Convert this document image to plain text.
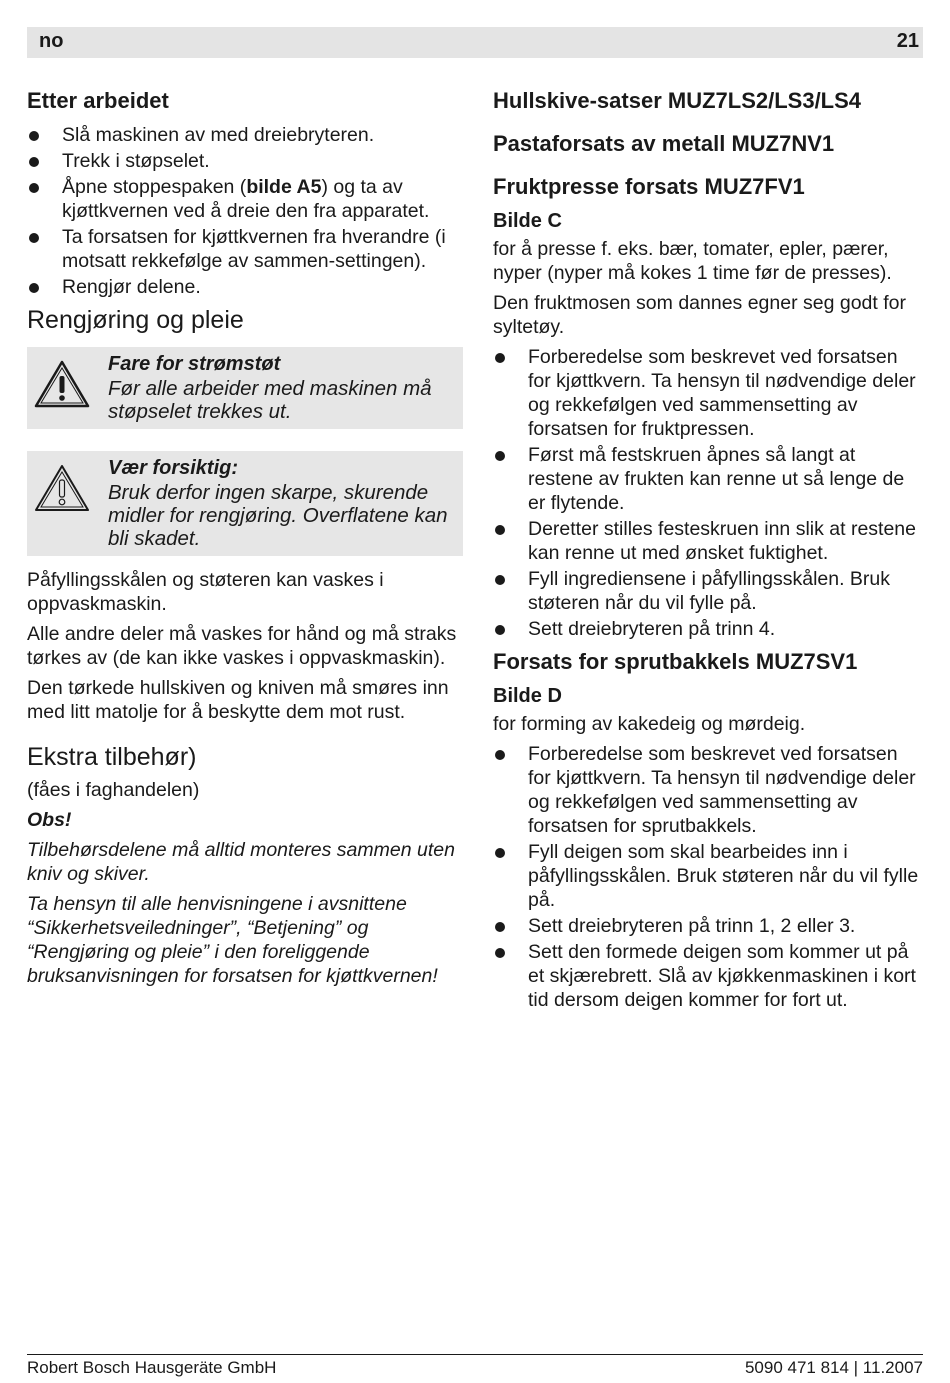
no	21
Etter arbeidet
Slå maskinen av med dreiebryteren.
Trekk i støpselet.
Åpne stoppespaken (bilde A5) og ta av kjøttkvernen ved å dreie den fra apparatet.
Ta forsatsen for kjøttkvernen fra hverandre (i motsatt rekkefølge av sammen-settingen).
Rengjør delene.
Rengjøring og pleie

Fare for strømstøt

Før alle arbeider med maskinen må støpselet trekkes ut.

Vær forsiktig:

Bruk derfor ingen skarpe, skurende midler for rengjøring. Overflatene kan bli skadet.

Påfyllingsskålen og støteren kan vaskes i oppvaskmaskin.

Alle andre deler må vaskes for hånd og må straks tørkes av (de kan ikke vaskes i oppvaskmaskin).

Den tørkede hullskiven og kniven må smøres inn med litt matolje for å beskytte dem mot rust.

Ekstra tilbehør)

(fåes i faghandelen)

Obs!

Tilbehørsdelene må alltid monteres sammen uten kniv og skiver.

Ta hensyn til alle henvisningene i avsnittene “Sikkerhetsveiledninger”, “Betjening” og “Rengjøring og pleie” i den foreliggende bruksanvisningen for forsatsen for kjøttkvernen!

Hullskive-satser MUZ7LS2/LS3/LS4
Pastaforsats av metall MUZ7NV1
Fruktpresse forsats MUZ7FV1
Bilde C

for å presse f. eks. bær, tomater, epler, pærer, nyper (nyper må kokes 1 time før de presses).

Den fruktmosen som dannes egner seg godt for syltetøy.

Forberedelse som beskrevet ved forsatsen for kjøttkvern. Ta hensyn til nødvendige deler og rekkefølgen ved sammensetting av forsatsen for fruktpressen.
Først må festskruen åpnes så langt at restene av frukten kan renne ut så lenge de er flytende.
Deretter stilles festeskruen inn slik at restene kan renne ut med ønsket fuktighet.
Fyll ingrediensene i påfyllingsskålen. Bruk støteren når du vil fylle på.
Sett dreiebryteren på trinn 4.
Forsats for sprutbakkels MUZ7SV1
Bilde D

for forming av kakedeig og mørdeig.

Forberedelse som beskrevet ved forsatsen for kjøttkvern. Ta hensyn til nødvendige deler og rekkefølgen ved sammensetting av forsatsen for sprutbakkels.
Fyll deigen som skal bearbeides inn i påfyllingsskålen. Bruk støteren når du vil fylle på.
Sett dreiebryteren på trinn 1, 2 eller 3.
Sett den formede deigen som kommer ut på et skjærebrett. Slå av kjøkkenmaskinen i kort tid dersom deigen kommer for fort ut.
Robert Bosch Hausgeräte GmbH	5090 471 814 | 11.2007
